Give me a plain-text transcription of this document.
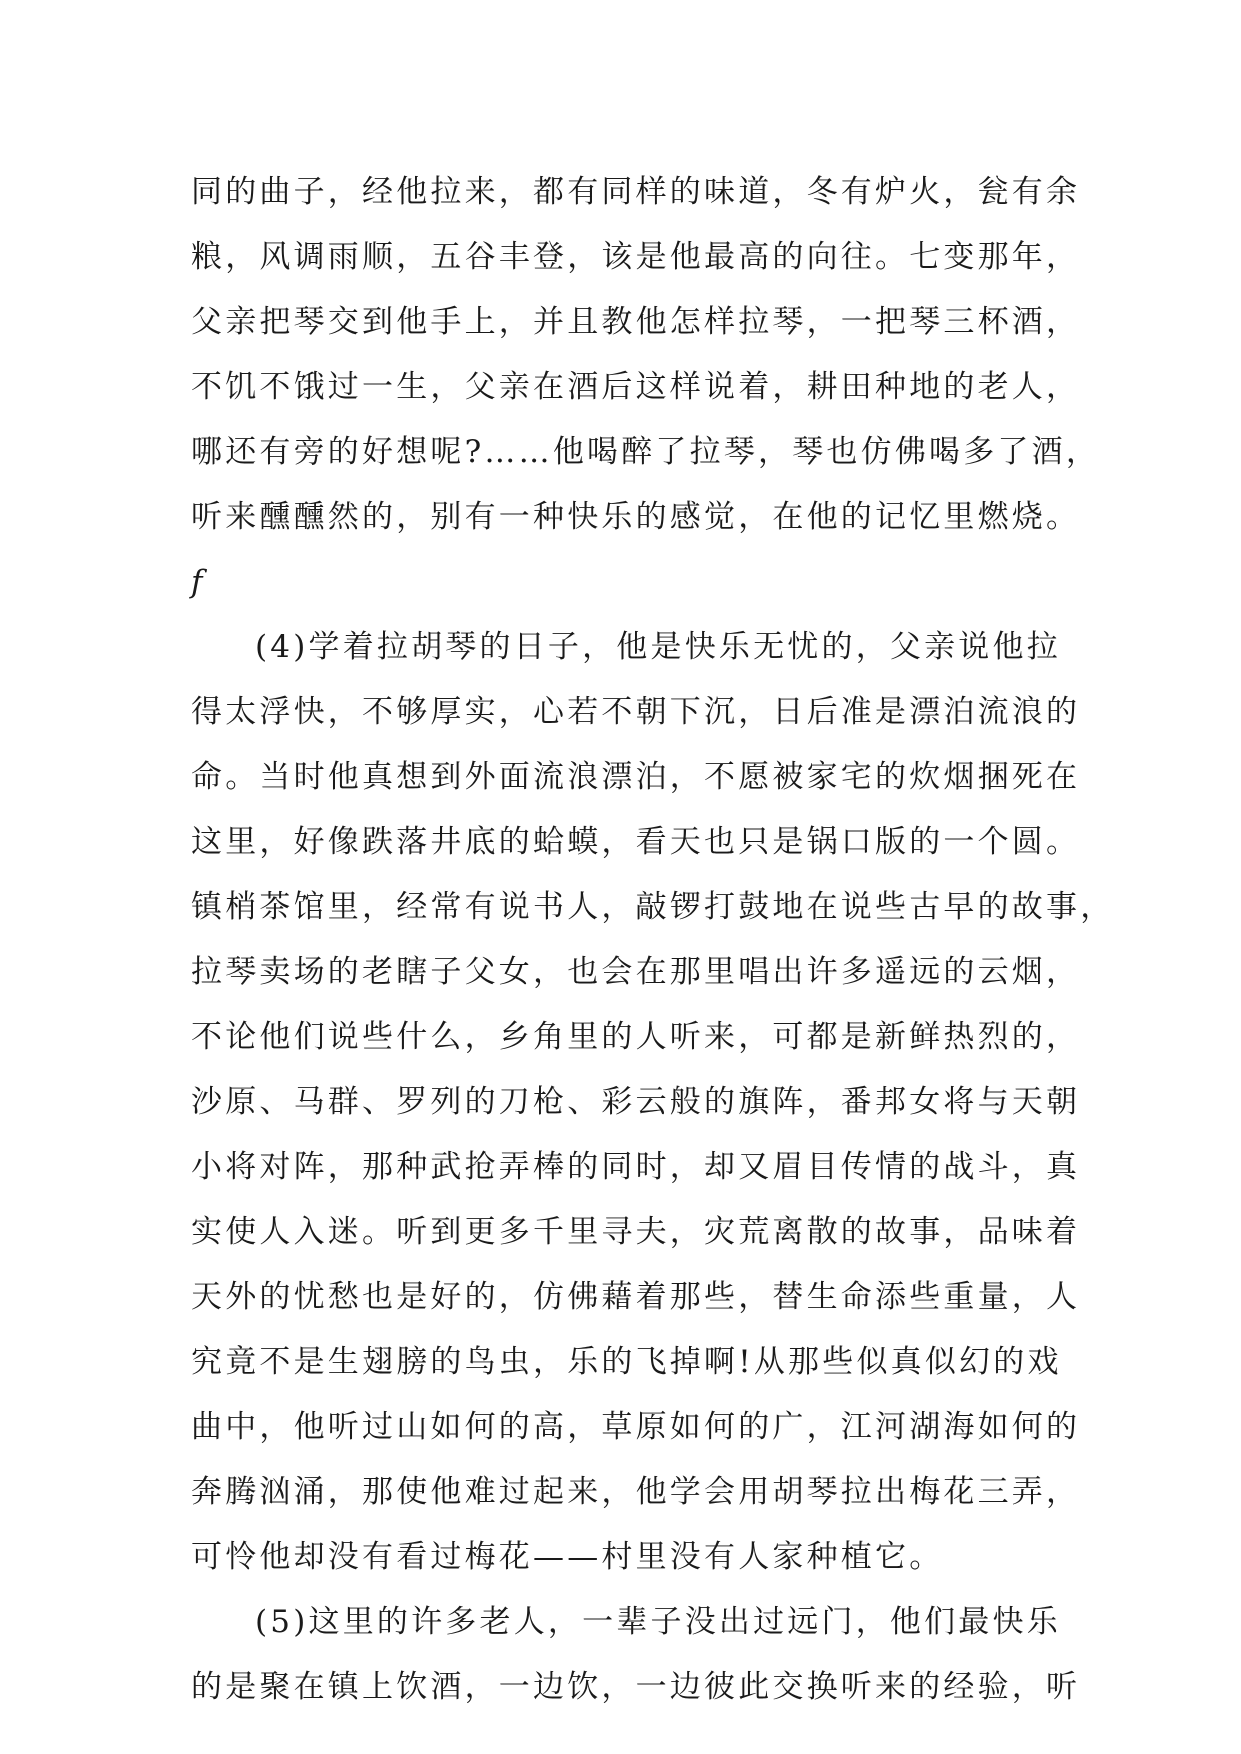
同的曲子，经他拉来，都有同样的味道，冬有炉火，瓮有余
粮，风调雨顺，五谷丰登，该是他最高的向往。七变那年，
父亲把琴交到他手上，并且教他怎样拉琴，一把琴三杯酒，
不饥不饿过一生，父亲在酒后这样说着，耕田种地的老人，
哪还有旁的好想呢?……他喝醉了拉琴，琴也仿佛喝多了酒，
听来醺醺然的，别有一种快乐的感觉，在他的记忆里燃烧。
f
(4)学着拉胡琴的日子，他是快乐无忧的，父亲说他拉
得太浮快，不够厚实，心若不朝下沉，日后准是漂泊流浪的
命。当时他真想到外面流浪漂泊，不愿被家宅的炊烟捆死在
这里，好像跌落井底的蛤蟆，看天也只是锅口版的一个圆。
镇梢茶馆里，经常有说书人，敲锣打鼓地在说些古早的故事，
拉琴卖场的老瞎子父女，也会在那里唱出许多遥远的云烟，
不论他们说些什么，乡角里的人听来，可都是新鲜热烈的，
沙原、马群、罗列的刀枪、彩云般的旗阵，番邦女将与天朝
小将对阵，那种武抢弄棒的同时，却又眉目传情的战斗，真
实使人入迷。听到更多千里寻夫，灾荒离散的故事，品味着
天外的忧愁也是好的，仿佛藉着那些，替生命添些重量，人
究竟不是生翅膀的鸟虫，乐的飞掉啊!从那些似真似幻的戏
曲中，他听过山如何的高，草原如何的广，江河湖海如何的
奔腾汹涌，那使他难过起来，他学会用胡琴拉出梅花三弄，
可怜他却没有看过梅花——村里没有人家种植它。
(5)这里的许多老人，一辈子没出过远门，他们最快乐
的是聚在镇上饮酒，一边饮，一边彼此交换听来的经验，听
